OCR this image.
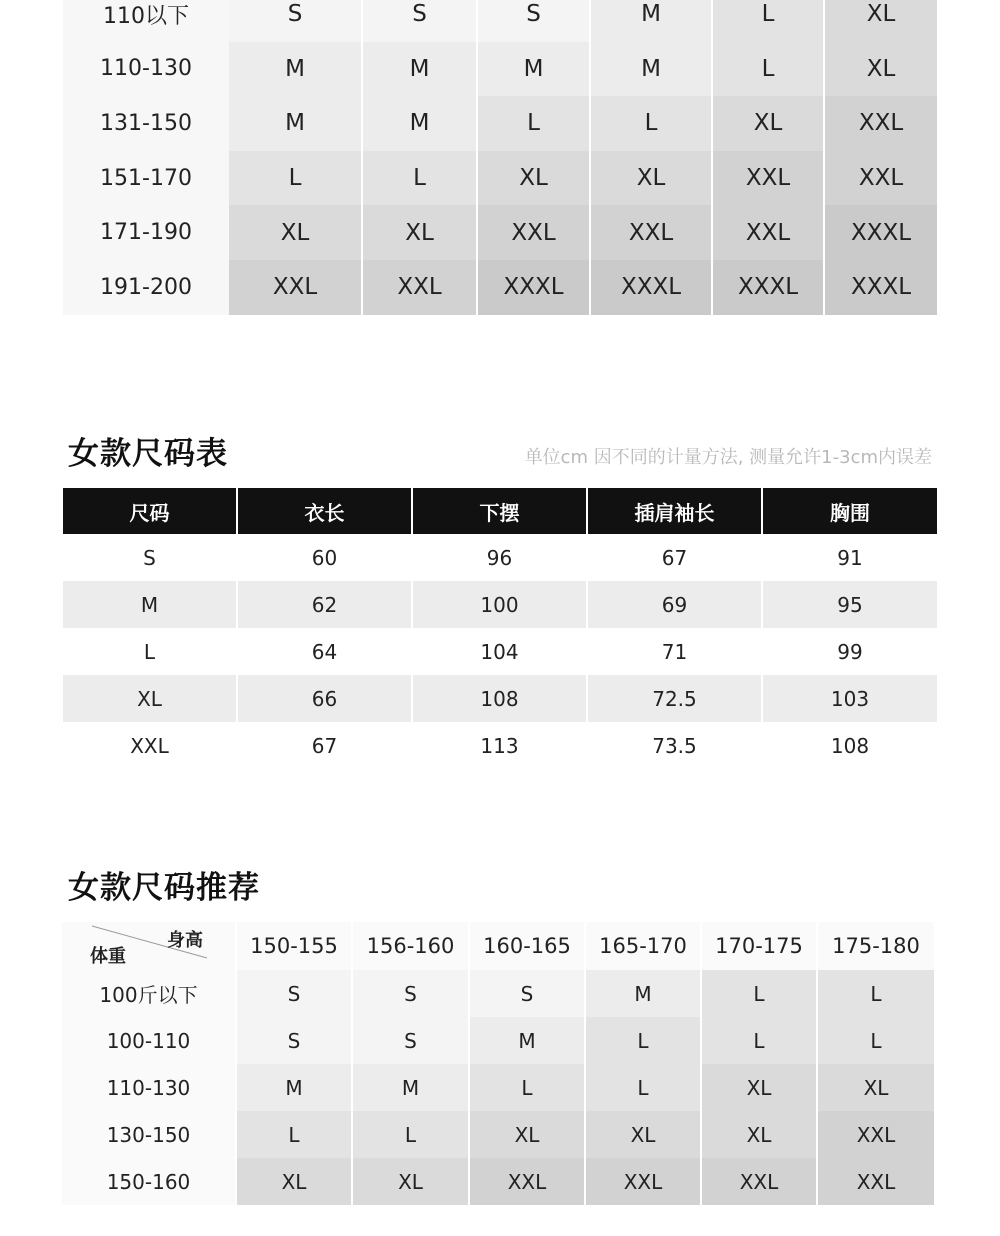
110以下	S	S	S	M	L	XL
110-130	M	M	M	M	L	XL
131-150	M	M	L	L	XL	XXL
151-170	L	L	XL	XL	XXL	XXL
171-190	XL	XL	XXL	XXL	XXL	XXXL
191-200	XXL	XXL	XXXL	XXXL	XXXL	XXXL
女款尺码表	单位cm 因不同的计量方法, 测量允许1-3cm内误差
尺码	衣长	下摆	插肩袖长	胸围
S	60	96	67	91
M	62	100	69	95
L	64	104	71	99
XL	66	108	72.5	103
XXL	67	113	73.5	108
女款尺码推荐
身高
体重	150-155	156-160	160-165	165-170	170-175	175-180
100斤以下	S	S	S	M	L	L
100-110	S	S	M	L	L	L
110-130	M	M	L	L	XL	XL
130-150	L	L	XL	XL	XL	XXL
150-160	XL	XL	XXL	XXL	XXL	XXL
